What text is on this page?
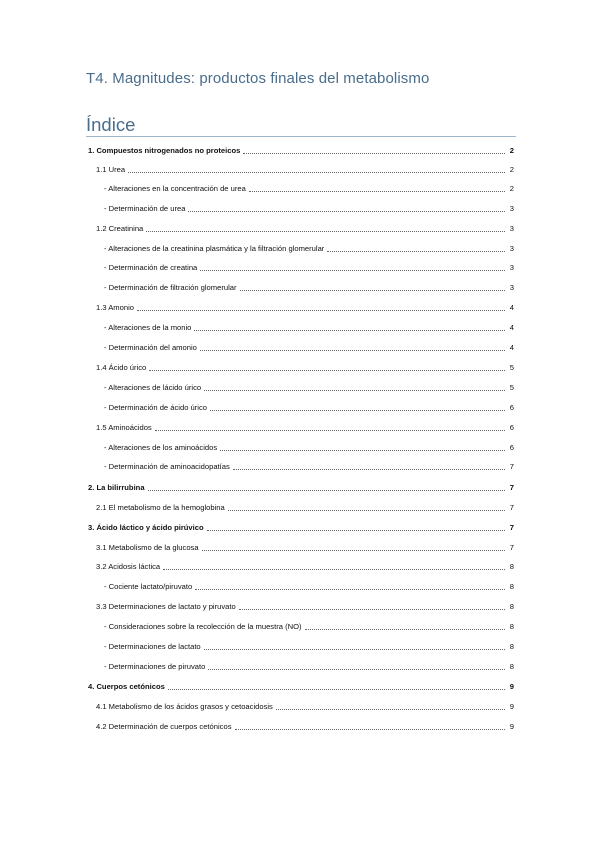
T4. Magnitudes: productos finales del metabolismo
Índice
1. Compuestos nitrogenados no proteicos	2
1.1 Urea	2
- Alteraciones en la concentración de urea	2
- Determinación de urea	3
1.2 Creatinina	3
- Alteraciones de la creatinina plasmática y la filtración glomerular	3
- Determinación de creatina	3
- Determinación de filtración glomerular	3
1.3 Amonio	4
- Alteraciones de la monio	4
- Determinación del amonio	4
1.4 Ácido úrico	5
- Alteraciones de lácido úrico	5
- Determinación de ácido úrico	6
1.5 Aminoácidos	6
- Alteraciones de los aminoácidos	6
- Determinación de aminoacidopatías	7
2. La bilirrubina	7
2.1 El metabolismo de la hemoglobina	7
3. Ácido láctico y ácido pirúvico	7
3.1 Metabolismo de la glucosa	7
3.2 Acidosis láctica	8
- Cociente lactato/piruvato	8
3.3 Determinaciones de lactato y piruvato	8
- Consideraciones sobre la recolección de la muestra (NO)	8
- Determinaciones de lactato	8
- Determinaciones de piruvato	8
4. Cuerpos cetónicos	9
4.1 Metabolismo de los ácidos grasos y cetoacidosis	9
4.2 Determinación de cuerpos cetónicos	9
